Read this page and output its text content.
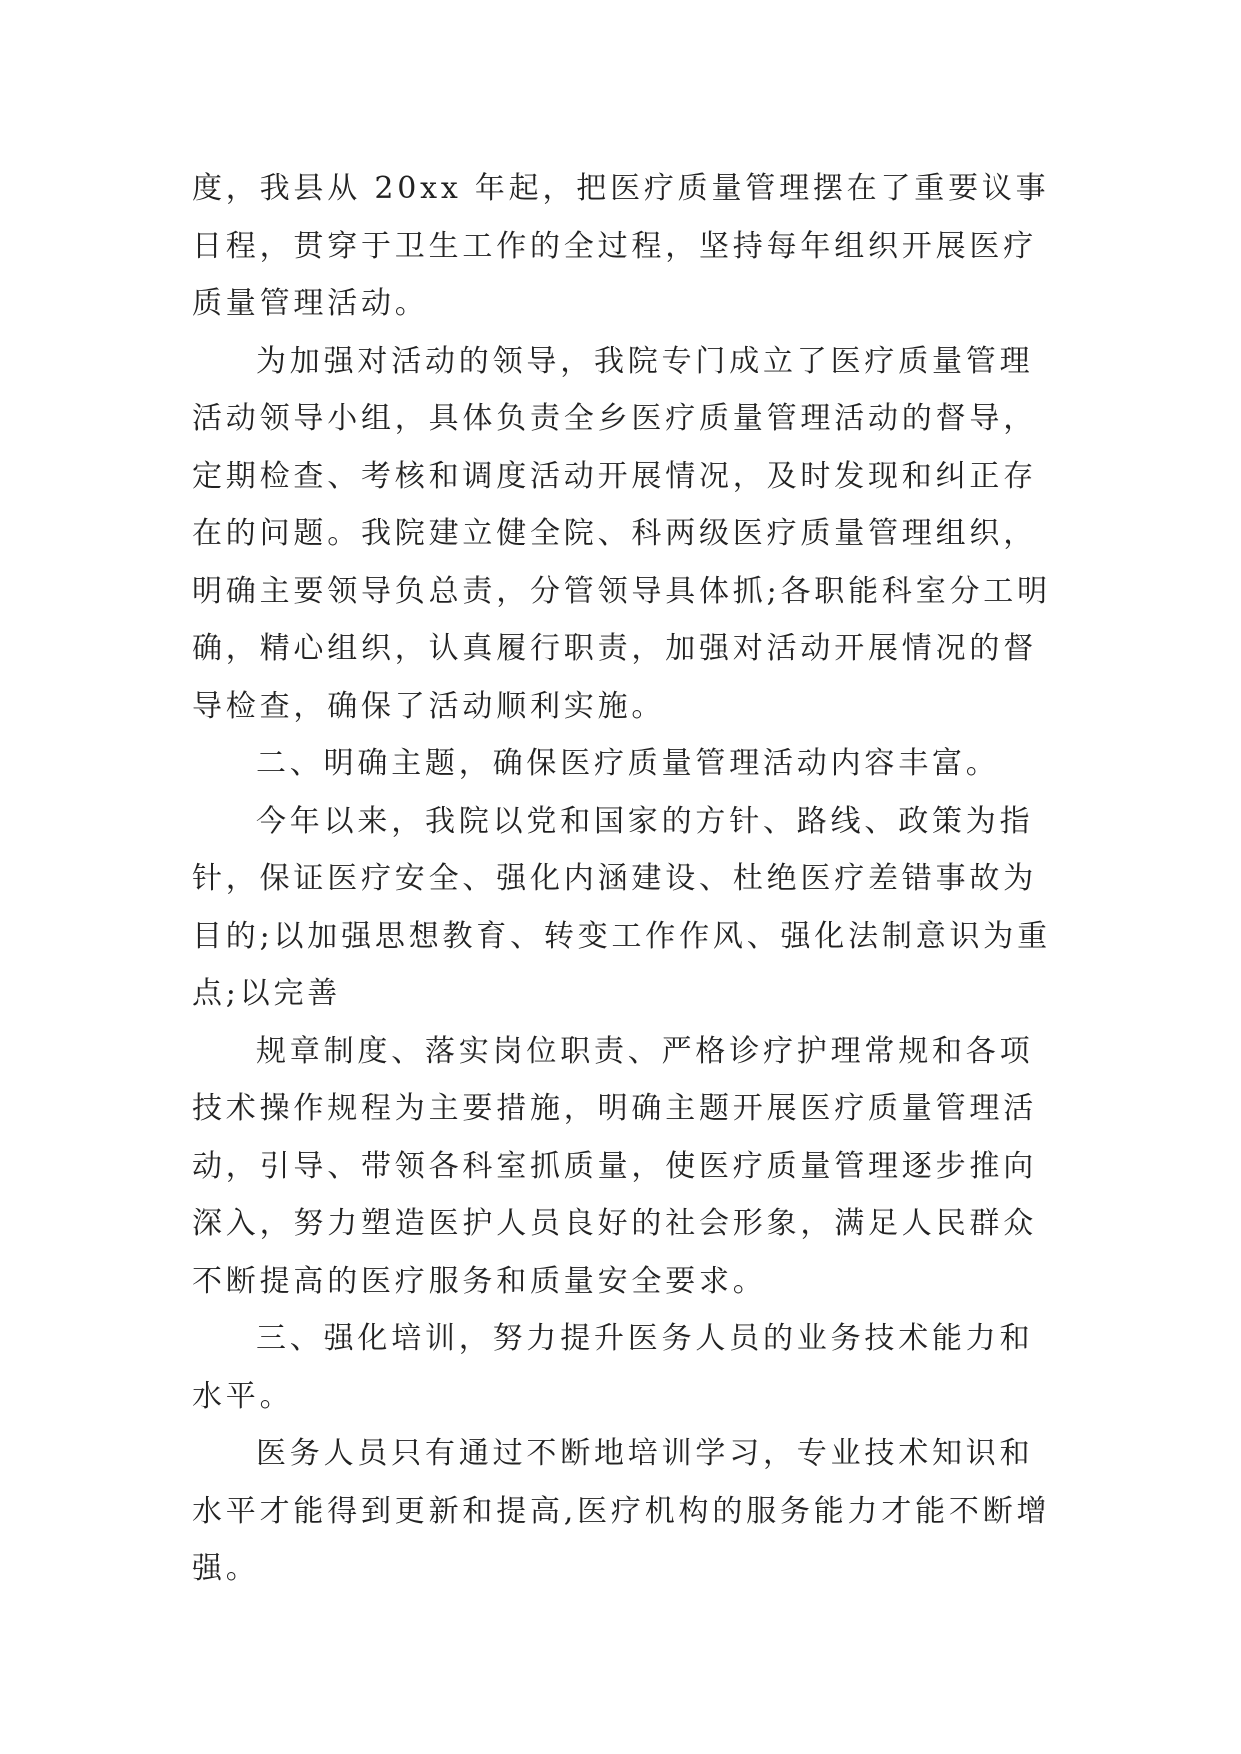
度，我县从 20xx 年起，把医疗质量管理摆在了重要议事日程，贯穿于卫生工作的全过程，坚持每年组织开展医疗质量管理活动。

为加强对活动的领导，我院专门成立了医疗质量管理活动领导小组，具体负责全乡医疗质量管理活动的督导，定期检查、考核和调度活动开展情况，及时发现和纠正存在的问题。我院建立健全院、科两级医疗质量管理组织，明确主要领导负总责，分管领导具体抓;各职能科室分工明确，精心组织，认真履行职责，加强对活动开展情况的督导检查，确保了活动顺利实施。

二、明确主题，确保医疗质量管理活动内容丰富。

今年以来，我院以党和国家的方针、路线、政策为指针，保证医疗安全、强化内涵建设、杜绝医疗差错事故为目的;以加强思想教育、转变工作作风、强化法制意识为重点;以完善

规章制度、落实岗位职责、严格诊疗护理常规和各项技术操作规程为主要措施，明确主题开展医疗质量管理活动，引导、带领各科室抓质量，使医疗质量管理逐步推向深入，努力塑造医护人员良好的社会形象，满足人民群众不断提高的医疗服务和质量安全要求。

三、强化培训，努力提升医务人员的业务技术能力和水平。

医务人员只有通过不断地培训学习，专业技术知识和水平才能得到更新和提高,医疗机构的服务能力才能不断增强。
